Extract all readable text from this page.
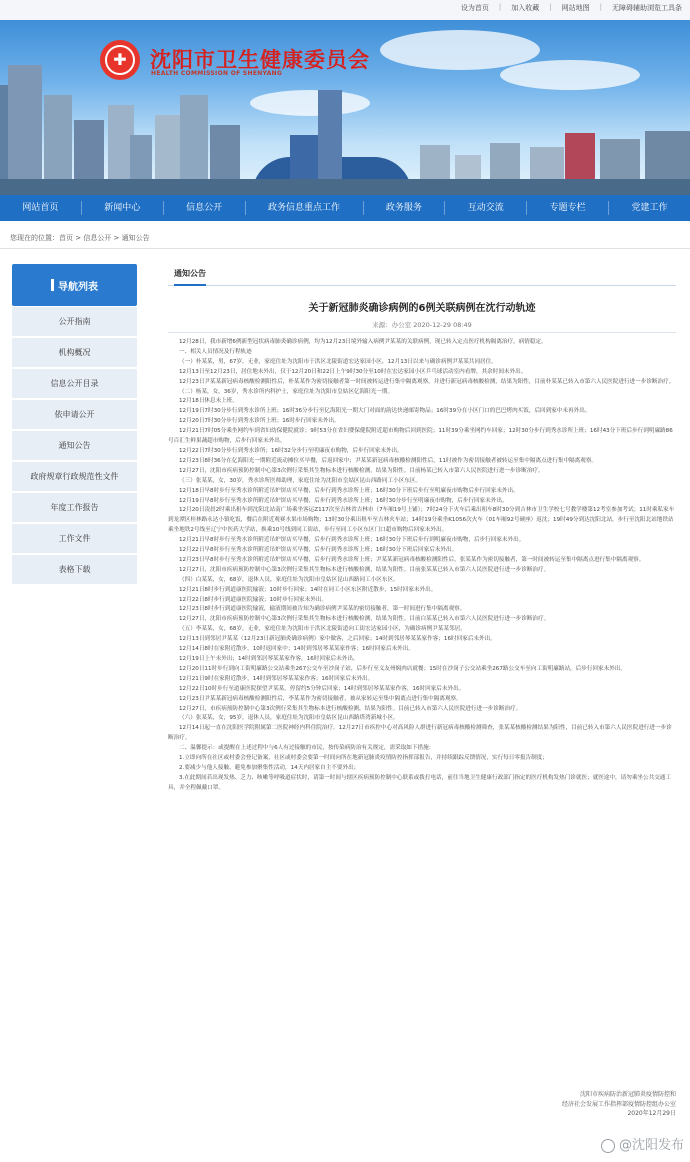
设为首页 | 加入收藏 | 网站地图 | 无障碍辅助浏览工具条
✚ 沈阳市卫生健康委员会
HEALTH COMMISSION OF SHENYANG
网站首页	新闻中心	信息公开	政务信息重点工作	政务服务	互动交流	专题专栏	党建工作
您现在的位置：首页 > 信息公开 > 通知公告
导航列表
公开指南
机构概况
信息公开目录
依申请公开
通知公告
政府规章行政规范性文件
年度工作报告
工作文件
表格下载
通知公告
关于新冠肺炎确诊病例的6例关联病例在沈行动轨迹
来源：办公室 2020-12-29 08:49

12月28日，我市新增6例新型冠状病毒肺炎确诊病例，均为12月23日境外输入病例尹某某的关联病例，现已转入定点医疗机构隔离治疗，病情稳定。

一、相关人员情况及行程轨迹

（一）朴某某，男，67岁，无业，家庭住址为沈阳市于洪区北陵街道宏达家园小区，12月13日以来与确诊病例尹某某共同居住。

12月13日至12月23日，居住地未外出，仅于12月20日和22日上午9时30分至10时在宏达家园小区乒乓球活动室内看牌，其余时间未外出。

12月23日尹某某新冠病毒核酸检测阳性后，朴某某作为密切接触者第一时间被转运进行集中隔离观察，并进行新冠病毒核酸检测，结果为阳性，目前朴某某已转入市第六人民医院进行进一步诊断治疗。

（二）杨某，女，36岁，秀水诊所内科护士，家庭住址为沈阳市皇姑区亿海阳光一期。

12月18日休息未上班。

12月19日7时30分步行到秀水诊所上班；16时36分步行至亿海阳光一期大门对面的韵达快递邮寄物品；16时39分在小区门口的巴巴烤肉买饭，后回到家中未再外出。

12月20日7时30分步行到秀水诊所上班；16时步行回家未外出。

12月21日7时05分乘坐网约车到省妇幼保健院就诊；9时53分在省妇婴保健院附近超市购物后回到医院；11时39分乘坐网约车回家；12时30分步行到秀水诊所上班；16时43分下班后步行到明廉路86号百汇生鲜果蔬超市购物，后步行回家未外出。

12月22日7时30分步行到秀水诊所；16时32分步行至明廉夜市购物，后步行回家未外出。

12月23日8时36分在亿海阳光一期附近流动摊位买早餐，后返回家中；尹某某新冠病毒核酸检测阳性后，11时被作为密切接触者被转运至集中隔离点进行集中隔离观察。

12月27日，沈阳市疾病预防控制中心第3次例行采集其生物标本进行核酸检测，结果为阳性。目前杨某已转入市第六人民医院进行进一步诊断治疗。

（三）张某某，女，30岁，秀水诊所医师助理，家庭住址为沈阳市皇姑区昆山西路同工小区东区。

12月18日早8时步行至秀水诊所附近吊炉饼店买早餐，后步行到秀水诊所上班；16时30分下班后步行至明廉夜市购物后步行回家未外出。

12月19日早8时步行至秀水诊所附近吊炉饼店买早餐，后步行到秀水诊所上班；16时30分步行至明廉夜市购物，后步行回家未外出。

12月20日凌晨2时乘出租车到沈阳北站南广场乘坐客运Z117次至吉林省吉林市（7车厢19号上铺）；7时24分下火车后乘出租车8时30分到吉林市卫生学校七号教学楼第12考室参加考试；11时乘私家车到龙潭区桂林路永达小镇吃饭，餐后在附近观赛水果市场购物；13时30分乘出租车至吉林火车站；14时19分乘坐K1056次火车（01车厢92号硬座）返沈；19时49分到达沈阳北站，步行至沈阳北站地铁站乘坐地铁2号线至辽宁中医药大学站，换乘10号线到同工街站，步行至同工小区东区门口超市购物后回家未外出。

12月21日早8时步行至秀水诊所附近吊炉饼店买早餐，后步行到秀水诊所上班；16时30分下班后步行到明廉夜市购物，后步行回家未外出。

12月22日早8时步行至秀水诊所附近吊炉饼店买早餐，后步行到秀水诊所上班；16时30分下班后回家后未外出。

12月23日早8时步行至秀水诊所附近吊炉饼店买早餐，后步行到秀水诊所上班；尹某某新冠病毒核酸检测阳性后，张某某作为密切接触者，第一时间被转运至集中隔离点进行集中隔离观察。

12月27日，沈阳市疾病预防控制中心第3次例行采集其生物标本进行核酸检测，结果为阳性。目前张某某已转入市第六人民医院进行进一步诊断治疗。

（四）白某某，女，68岁，退休人员，家庭住址为沈阳市皇姑区昆山西路同工小区东区。

12月21日8时步行到道康医院输液；10时步行回家；14时在同工小区东区附近散步，15时回家未外出。

12月22日8时步行到道康医院输液；10时步行回家未外出。

12月23日8时步行到道康医院输液，输液期间被告知为确诊病例尹某某的密切接触者，第一时间进行集中隔离观察。

12月27日，沈阳市疾病预防控制中心第3次例行采集其生物标本进行核酸检测，结果为阳性。目前白某某已转入市第六人民医院进行进一步诊断治疗。

（五）李某某，女，68岁，无业，家庭住址为沈阳市于洪区北陵街道向工街宏达家园小区，为确诊病例尹某某邻居。

12月13日到邻居尹某某（12月23日新冠肺炎确诊病例）家中做客，之后回家；14时到邻居琴某某家作客；16时回家后未外出。

12月14日8时在家附近散步，10时返回家中；14时到邻居琴某某家作客；16时回家后未外出。

12月19日上午未外出；14时到邻居琴某某家作客，16时回家后未外出。

12月20日11时步行到向工街明廉路公交站乘坐267公交车至沙岗子站，后步行至义友州焖肉店就餐；15时在沙岗子公交站乘坐267路公交车至向工街明廉路站，后步行回家未外出。

12月21日9时在家附近散步，14时到邻居琴某某家作客；16时回家后未外出。

12月22日10时步行至道康医院探望尹某某，停留约5分钟后回家；14时到邻居琴某某家作客，16时回家后未外出。

12月23日尹某某新冠病毒核酸检测阳性后，李某某作为密切接触者，被从家转运至集中隔离点进行集中隔离观察。

12月27日，市疾病预防控制中心第3次例行采集其生物标本进行核酸检测，结果为阳性。目前已转入市第六人民医院进行进一步诊断治疗。

（六）张某某，女，95岁，退休人员，家庭住址为沈阳市皇姑区昆山西路塔湾新城小区。

12月14日起一直在沈阳医学院附属第二医院神经内科住院治疗。12月27日市疾控中心对高风险人群进行新冠病毒核酸检测筛查，张某某核酸检测结果为阳性，目前已转入市第六人民医院进行进一步诊断治疗。

二、温馨提示：或提醒在上述过程中与6人有过接触的市民，按传染病防治有关规定，需采取如下措施：

1.立即向所在社区或村委会登记备案，社区或村委会要第一时间向所在地新冠肺炎疫情防控指挥部报告，并持续跟踪反馈情况，实行每日零报告制度；

2.要减少与他人接触，避免参加聚集性活动，14天内居家自主不要外出；

3.在此期间若出现发热、乏力、咳嗽等呼吸道症状时，请第一时间与辖区疾病预防控制中心联系或拨打电话，前往当地卫生健康行政部门指定的医疗机构发热门诊就医；就医途中，请勿乘坐公共交通工具，并全程佩戴口罩。

沈阳市疾病防治新冠肺炎疫情防控和
经济社会发展工作指挥部疫情防控组办公室
2020年12月29日
@沈阳发布
